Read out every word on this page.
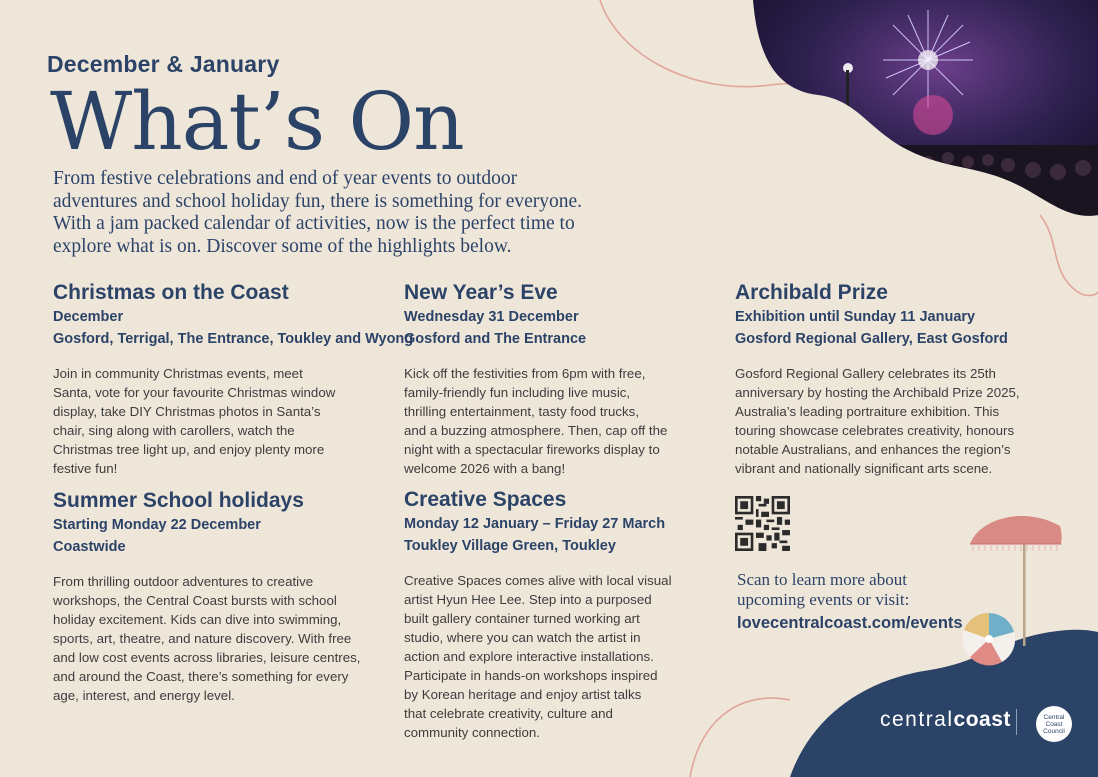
December & January
What’s On
From festive celebrations and end of year events to outdoor
adventures and school holiday fun, there is something for everyone.
With a jam packed calendar of activities, now is the perfect time to
explore what is on. Discover some of the highlights below.
Christmas on the Coast
December
Gosford, Terrigal, The Entrance, Toukley and Wyong
Join in community Christmas events, meet
Santa, vote for your favourite Christmas window
display, take DIY Christmas photos in Santa’s
chair, sing along with carollers, watch the
Christmas tree light up, and enjoy plenty more
festive fun!
Summer School holidays
Starting Monday 22 December
Coastwide
From thrilling outdoor adventures to creative
workshops, the Central Coast bursts with school
holiday excitement. Kids can dive into swimming,
sports, art, theatre, and nature discovery. With free
and low cost events across libraries, leisure centres,
and around the Coast, there’s something for every
age, interest, and energy level.
New Year’s Eve
Wednesday 31 December
Gosford and The Entrance
Kick off the festivities from 6pm with free,
family-friendly fun including live music,
thrilling entertainment, tasty food trucks,
and a buzzing atmosphere. Then, cap off the
night with a spectacular fireworks display to
welcome 2026 with a bang!
Creative Spaces
Monday 12 January – Friday 27 March
Toukley Village Green, Toukley
Creative Spaces comes alive with local visual
artist Hyun Hee Lee. Step into a purposed
built gallery container turned working art
studio, where you can watch the artist in
action and explore interactive installations.
Participate in hands-on workshops inspired
by Korean heritage and enjoy artist talks
that celebrate creativity, culture and
community connection.
Archibald Prize
Exhibition until Sunday 11 January
Gosford Regional Gallery, East Gosford
Gosford Regional Gallery celebrates its 25th
anniversary by hosting the Archibald Prize 2025,
Australia’s leading portraiture exhibition. This
touring showcase celebrates creativity, honours
notable Australians, and enhances the region’s
vibrant and nationally significant arts scene.
Scan to learn more about
upcoming events or visit:
lovecentralcoast.com/events
centralcoast	Central
Coast
Council
